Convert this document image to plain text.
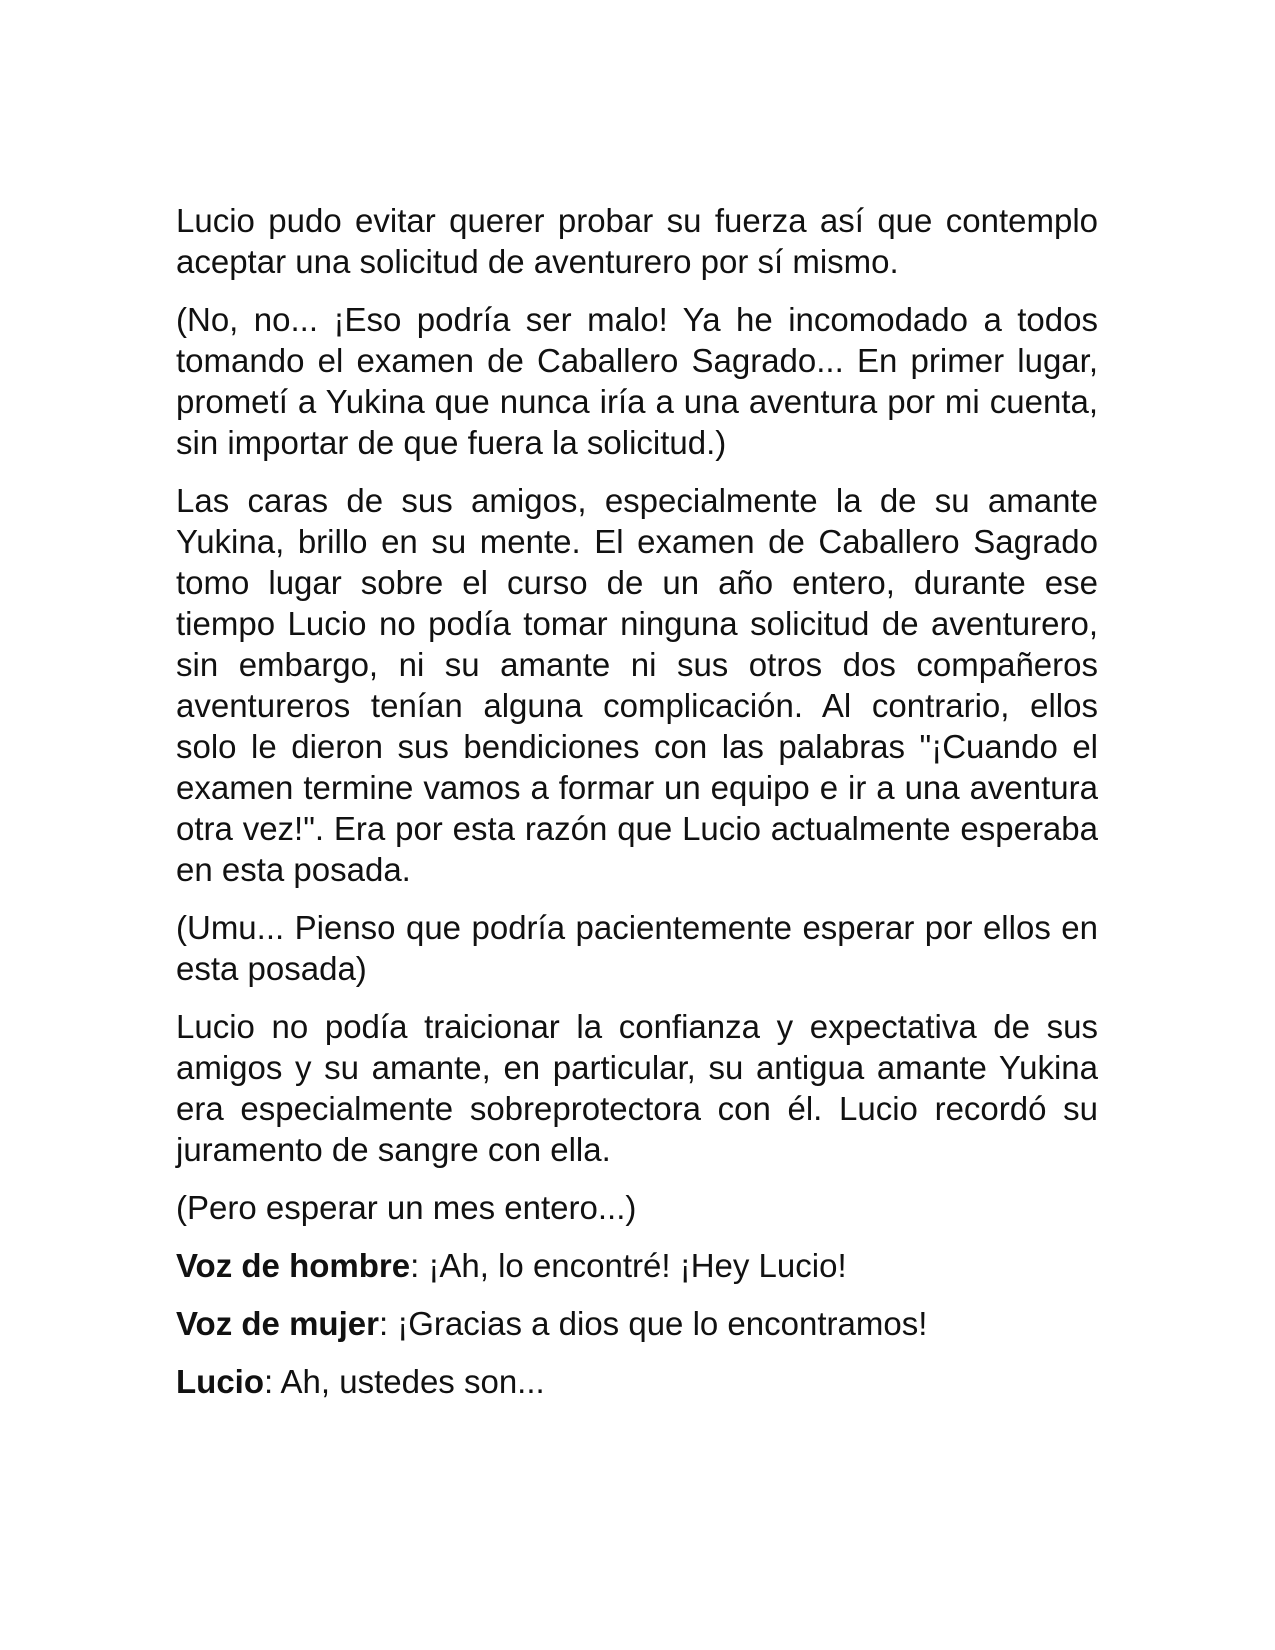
Lucio pudo evitar querer probar su fuerza así que contemplo aceptar una solicitud de aventurero por sí mismo.

(No, no... ¡Eso podría ser malo! Ya he incomodado a todos tomando el examen de Caballero Sagrado... En primer lugar, prometí a Yukina que nunca iría a una aventura por mi cuenta, sin importar de que fuera la solicitud.)

Las caras de sus amigos, especialmente la de su amante Yukina, brillo en su mente. El examen de Caballero Sagrado tomo lugar sobre el curso de un año entero, durante ese tiempo Lucio no podía tomar ninguna solicitud de aventurero, sin embargo, ni su amante ni sus otros dos compañeros aventureros tenían alguna complicación. Al contrario, ellos solo le dieron sus bendiciones con las palabras "¡Cuando el examen termine vamos a formar un equipo e ir a una aventura otra vez!". Era por esta razón que Lucio actualmente esperaba en esta posada.

(Umu... Pienso que podría pacientemente esperar por ellos en esta posada)

Lucio no podía traicionar la confianza y expectativa de sus amigos y su amante, en particular, su antigua amante Yukina era especialmente sobreprotectora con él. Lucio recordó su juramento de sangre con ella.

(Pero esperar un mes entero...)

Voz de hombre: ¡Ah, lo encontré! ¡Hey Lucio!

Voz de mujer: ¡Gracias a dios que lo encontramos!

Lucio: Ah, ustedes son...
